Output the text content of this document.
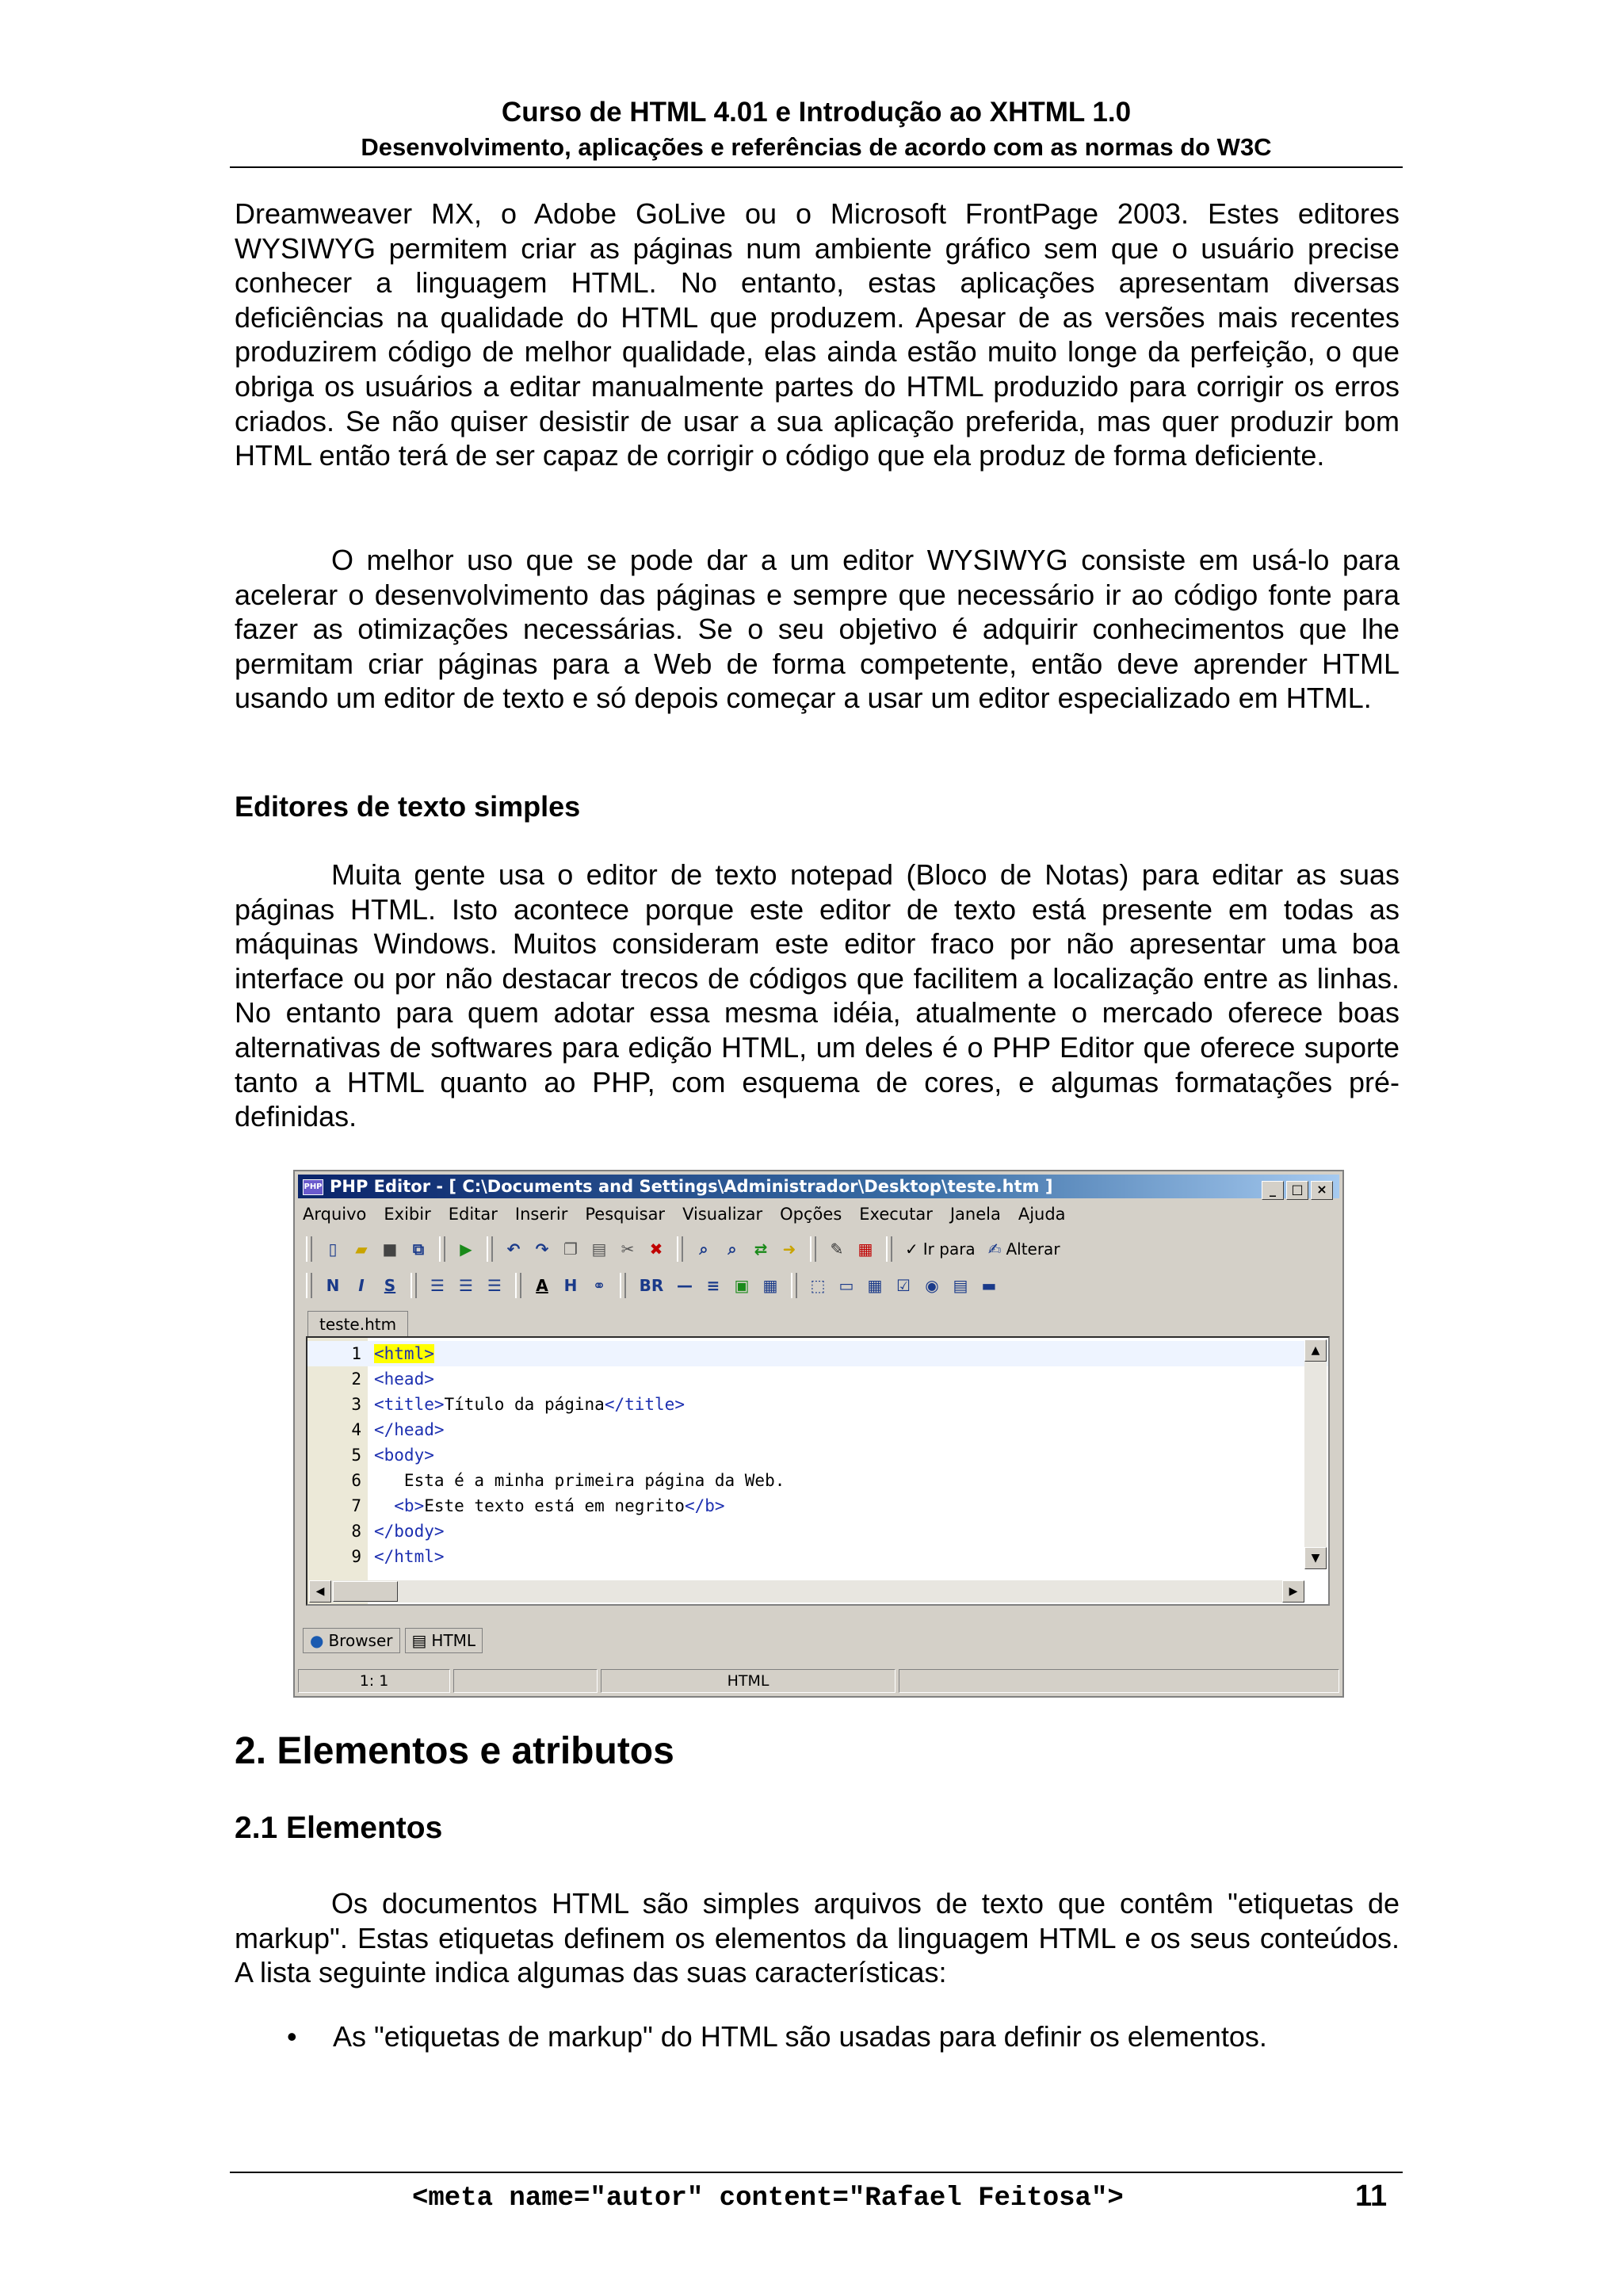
Curso de HTML 4.01 e Introdução ao XHTML 1.0
Desenvolvimento, aplicações e referências de acordo com as normas do W3C

Dreamweaver MX, o Adobe GoLive ou o Microsoft FrontPage 2003. Estes editores WYSIWYG permitem criar as páginas num ambiente gráfico sem que o usuário precise conhecer a linguagem HTML. No entanto, estas aplicações apresentam diversas deficiências na qualidade do HTML que produzem. Apesar de as versões mais recentes produzirem código de melhor qualidade, elas ainda estão muito longe da perfeição, o que obriga os usuários a editar manualmente partes do HTML produzido para corrigir os erros criados. Se não quiser desistir de usar a sua aplicação preferida, mas quer produzir bom HTML então terá de ser capaz de corrigir o código que ela produz de forma deficiente.

O melhor uso que se pode dar a um editor WYSIWYG consiste em usá-lo para acelerar o desenvolvimento das páginas e sempre que necessário ir ao código fonte para fazer as otimizações necessárias. Se o seu objetivo é adquirir conhecimentos que lhe permitam criar páginas para a Web de forma competente, então deve aprender HTML usando um editor de texto e só depois começar a usar um editor especializado em HTML.

Editores de texto simples

Muita gente usa o editor de texto notepad (Bloco de Notas) para editar as suas páginas HTML. Isto acontece porque este editor de texto está presente em todas as máquinas Windows. Muitos consideram este editor fraco por não apresentar uma boa interface ou por não destacar trecos de códigos que facilitem a localização entre as linhas. No entanto para quem adotar essa mesma idéia, atualmente o mercado oferece boas alternativas de softwares para edição HTML, um deles é o PHP Editor que oferece suporte tanto a HTML quanto ao PHP, com esquema de cores, e algumas formatações pré-definidas.

PHP PHP Editor - [ C:\Documents and Settings\Administrador\Desktop\teste.htm ]	_	□	×
Arquivo Exibir Editar Inserir Pesquisar Visualizar Opções Executar Janela Ajuda
▯	▰ ■ ⧉	▶	↶ ↷ ❐ ▤ ✂ ✖	⌕	⌕	⇄ ➜ ✎ ▦ ✓ Ir para ✍ Alterar
N	I	S	☰ ☰ ☰	A H ⚭ BR — ≡ ▣ ▦ ⬚ ▭ ▦ ☑ ◉ ▤ ▬
teste.htm
1 <html>
2 <head>
3 <title>Título da página</title>
4 </head>
5 <body>
6 Esta é a minha primeira página da Web.
7 <b>Este texto está em negrito</b>
8 </body>
9 </html>
▲
▼
◀	▶
● Browser ▤ HTML
1: 1	HTML

2. Elementos e atributos

2.1 Elementos

Os documentos HTML são simples arquivos de texto que contêm "etiquetas de markup". Estas etiquetas definem os elementos da linguagem HTML e os seus conteúdos. A lista seguinte indica algumas das suas características:

• As "etiquetas de markup" do HTML são usadas para definir os elementos.
<meta name="autor" content="Rafael Feitosa">	11
